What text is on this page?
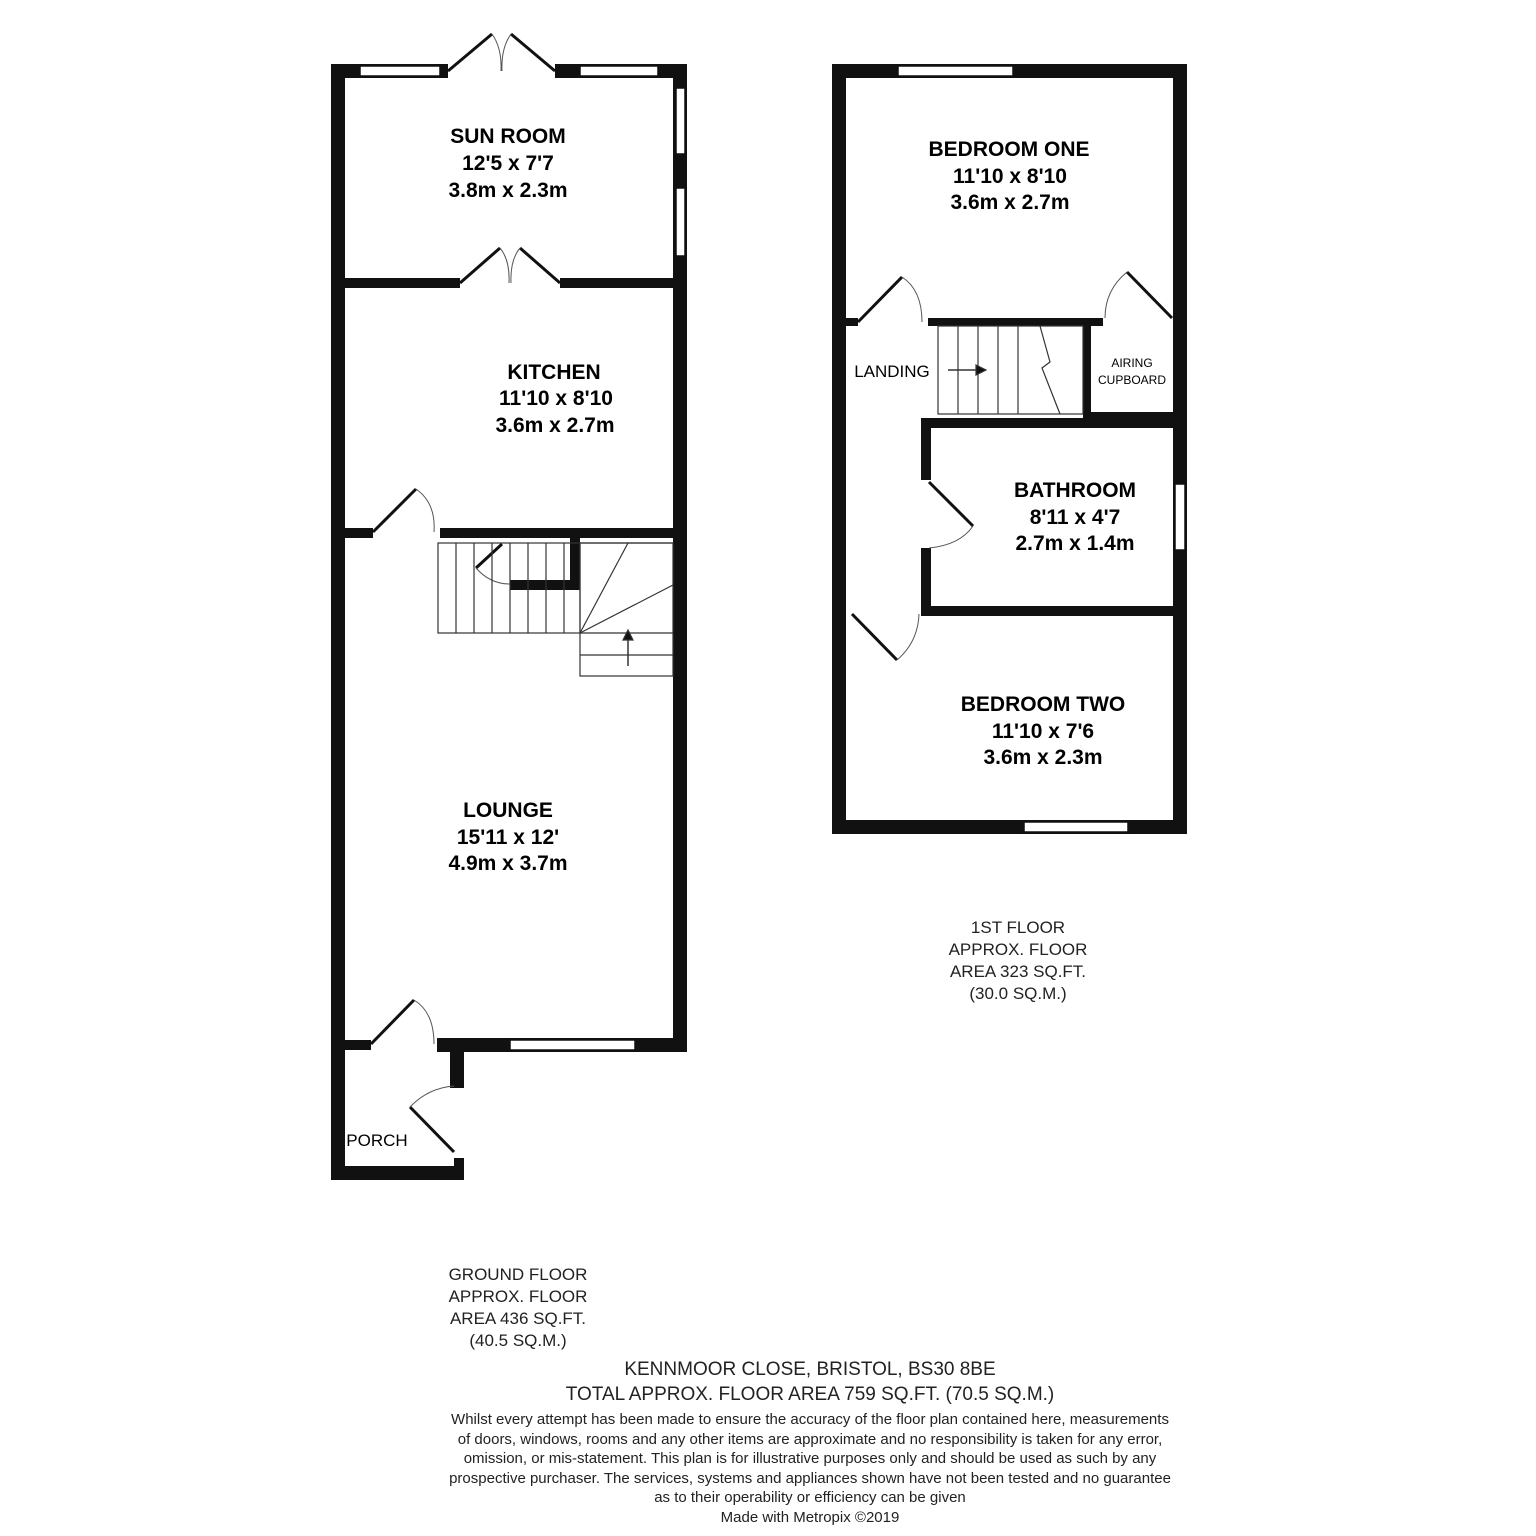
SUN ROOM
12'5 x 7'7
3.8m x 2.3m
KITCHEN
11'10 x 8'10
3.6m x 2.7m
LOUNGE
15'11 x 12'
4.9m x 3.7m
PORCH
BEDROOM ONE
11'10 x 8'10
3.6m x 2.7m
LANDING	AIRING
CUPBOARD
BATHROOM
8'11 x 4'7
2.7m x 1.4m
BEDROOM TWO
11'10 x 7'6
3.6m x 2.3m
1ST FLOOR
APPROX. FLOOR
AREA 323 SQ.FT.
(30.0 SQ.M.)
GROUND FLOOR
APPROX. FLOOR
AREA 436 SQ.FT.
(40.5 SQ.M.)
KENNMOOR CLOSE, BRISTOL, BS30 8BE
TOTAL APPROX. FLOOR AREA 759 SQ.FT. (70.5 SQ.M.)
Whilst every attempt has been made to ensure the accuracy of the floor plan contained here, measurements
of doors, windows, rooms and any other items are approximate and no responsibility is taken for any error,
omission, or mis-statement. This plan is for illustrative purposes only and should be used as such by any
prospective purchaser. The services, systems and appliances shown have not been tested and no guarantee
as to their operability or efficiency can be given
Made with Metropix ©2019
